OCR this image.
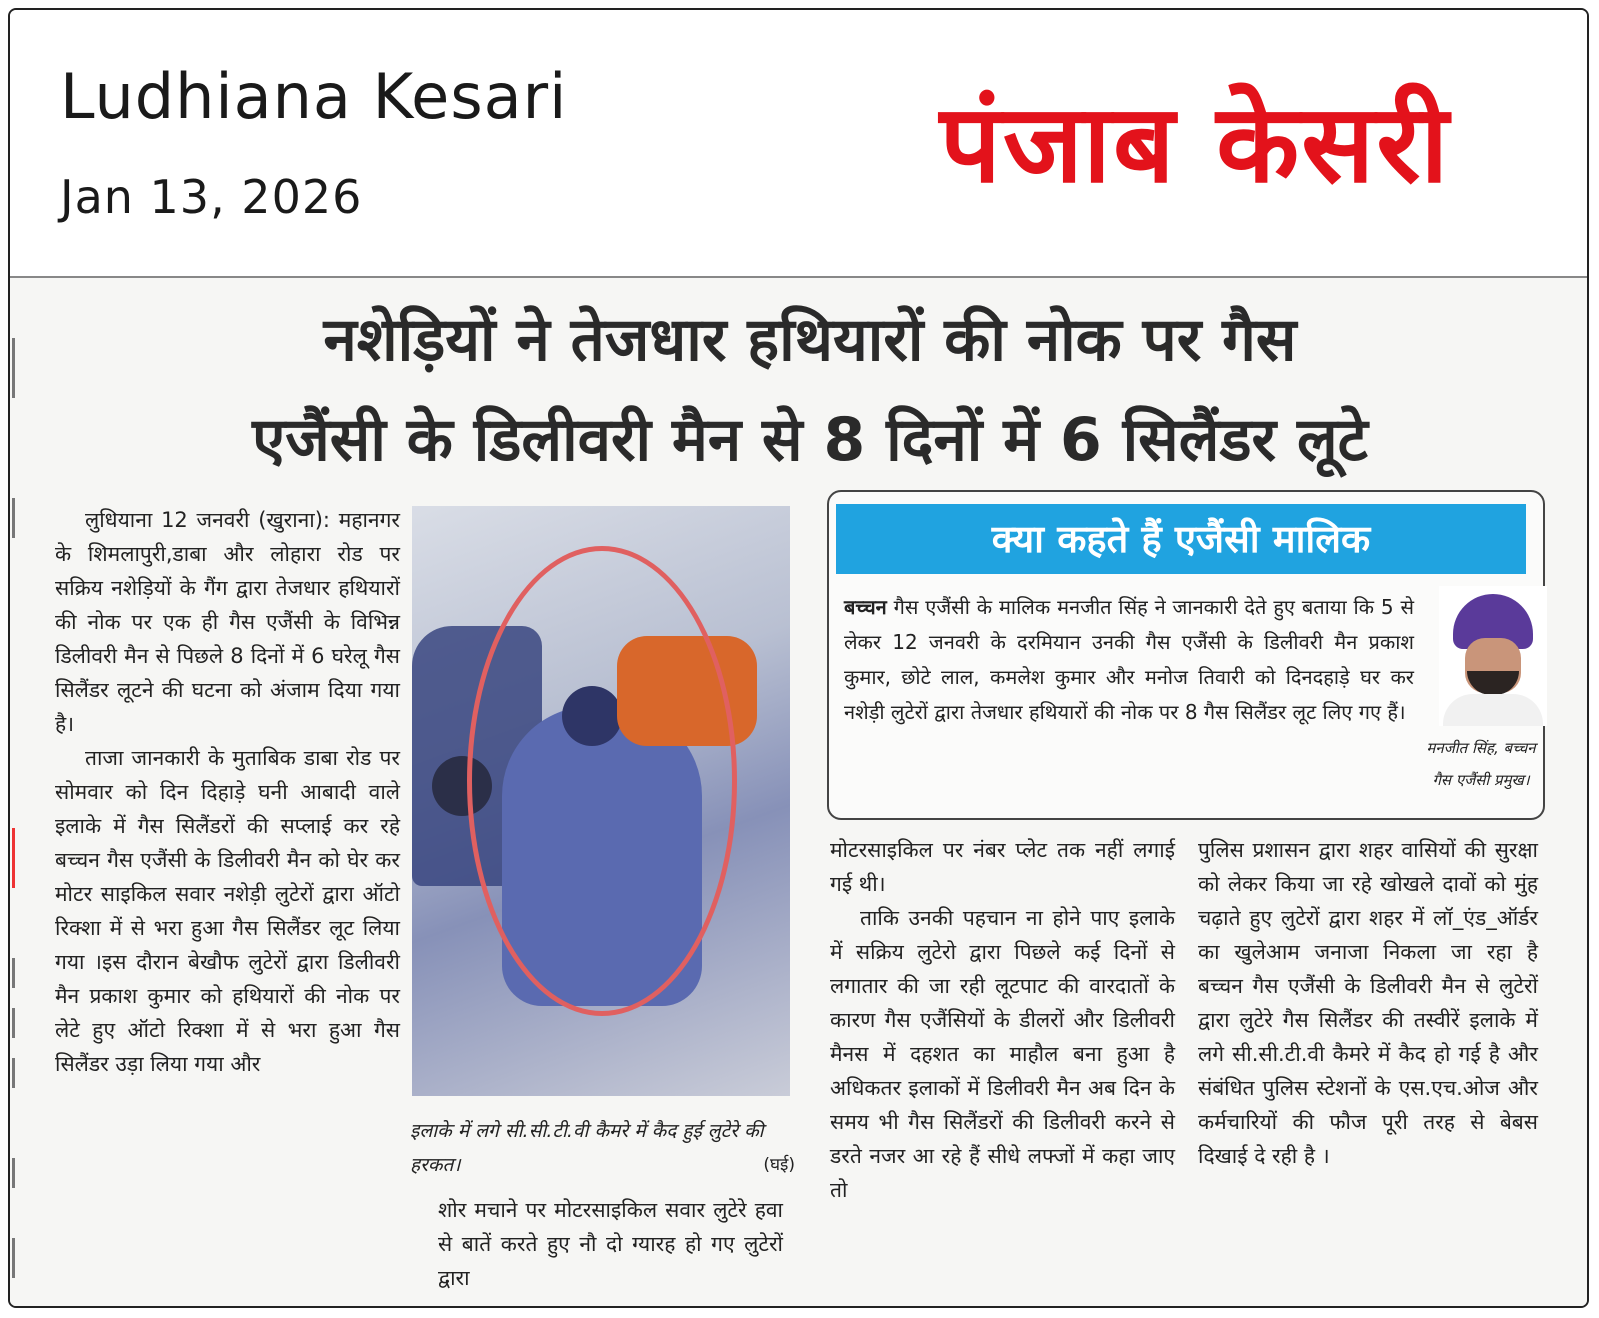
Ludhiana Kesari
Jan 13, 2026	पंजाब केसरी
नशेड़ियों ने तेजधार हथियारों की नोक पर गैस
एजैंसी के डिलीवरी मैन से 8 दिनों में 6 सिलैंडर लूटे

लुधियाना 12 जनवरी (खुराना): महानगर के शिमलापुरी,डाबा और लोहारा रोड पर सक्रिय नशेड़ियों के गैंग द्वारा तेजधार हथियारों की नोक पर एक ही गैस एजैंसी के विभिन्न डिलीवरी मैन से पिछले 8 दिनों में 6 घरेलू गैस सिलैंडर लूटने की घटना को अंजाम दिया गया है।

ताजा जानकारी के मुताबिक डाबा रोड पर सोमवार को दिन दिहाड़े घनी आबादी वाले इलाके में गैस सिलैंडरों की सप्लाई कर रहे बच्चन गैस एजैंसी के डिलीवरी मैन को घेर कर मोटर साइकिल सवार नशेड़ी लुटेरों द्वारा ऑटो रिक्शा में से भरा हुआ गैस सिलैंडर लूट लिया गया ।इस दौरान बेखौफ लुटेरों द्वारा डिलीवरी मैन प्रकाश कुमार को हथियारों की नोक पर लेटे हुए ऑटो रिक्शा में से भरा हुआ गैस सिलैंडर उड़ा लिया गया और

इलाके में लगे सी.सी.टी.वी कैमरे में कैद हुई लुटेरे की हरकत।	(घई)

शोर मचाने पर मोटरसाइकिल सवार लुटेरे हवा से बातें करते हुए नौ दो ग्यारह हो गए लुटेरों द्वारा

क्या कहते हैं एजैंसी मालिक
बच्चन गैस एजैंसी के मालिक मनजीत सिंह ने जानकारी देते हुए बताया कि 5 से लेकर 12 जनवरी के दरमियान उनकी गैस एजैंसी के डिलीवरी मैन प्रकाश कुमार, छोटे लाल, कमलेश कुमार और मनोज तिवारी को दिनदहाड़े घर कर नशेड़ी लुटेरों द्वारा तेजधार हथियारों की नोक पर 8 गैस सिलैंडर लूट लिए गए हैं।
मनजीत सिंह, बच्चन गैस एजैंसी प्रमुख।

मोटरसाइकिल पर नंबर प्लेट तक नहीं लगाई गई थी।

ताकि उनकी पहचान ना होने पाए इलाके में सक्रिय लुटेरो द्वारा पिछले कई दिनों से लगातार की जा रही लूटपाट की वारदातों के कारण गैस एजैंसियों के डीलरों और डिलीवरी मैनस में दहशत का माहौल बना हुआ है अधिकतर इलाकों में डिलीवरी मैन अब दिन के समय भी गैस सिलैंडरों की डिलीवरी करने से डरते नजर आ रहे हैं सीधे लफ्जों में कहा जाए तो

पुलिस प्रशासन द्वारा शहर वासियों की सुरक्षा को लेकर किया जा रहे खोखले दावों को मुंह चढ़ाते हुए लुटेरों द्वारा शहर में लॉ_एंड_ऑर्डर का खुलेआम जनाजा निकला जा रहा है बच्चन गैस एजैंसी के डिलीवरी मैन से लुटेरों द्वारा लुटेरे गैस सिलैंडर की तस्वीरें इलाके में लगे सी.सी.टी.वी कैमरे में कैद हो गई है और संबंधित पुलिस स्टेशनों के एस.एच.ओज और कर्मचारियों की फौज पूरी तरह से बेबस दिखाई दे रही है ।
